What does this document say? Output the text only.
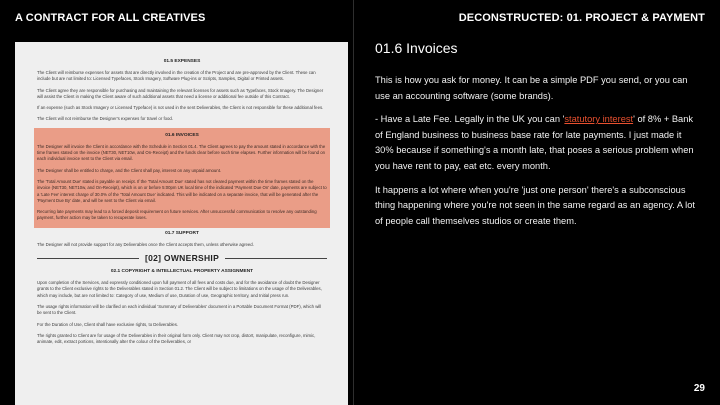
A CONTRACT FOR ALL CREATIVES	DECONSTRUCTED: 01. PROJECT & PAYMENT
01.5 EXPENSES
The Client will reimburse expenses for assets that are directly involved in the creation of the Project and are pre-approved by the Client. These can include but are not limited to: Licensed Typefaces, Stock Imagery, Software Plug-ins or Scripts, Samples, Digital or Printed assets.
The Client agree they are responsible for purchasing and maintaining the relevant licenses for assets such as Typefaces, Stock Imagery. The Designer will assist the Client in making the Client aware of such additional assets that need a license or additional fee outside of this Contract.
If an expense (such as Stock Imagery or Licensed Typeface) is not used in the sent Deliverables, the Client is not responsible for these additional fees.
The Client will not reimburse the Designer's expenses for travel or food.
01.6 INVOICES
The Designer will invoice the Client in accordance with the Schedule in Section 01.4. The Client agrees to pay the amount stated in accordance with the time frames stated on the invoice (NET30, NET10w, and On-Receipt) and the funds clear before such time elapses. Further information will be found on each individual invoice sent to the Client via email.
The Designer shall be entitled to charge, and the Client shall pay, interest on any unpaid amount.
The 'Total Amount Due' stated is payable on receipt. If the 'Total Amount Due' stated has not cleared payment within the time frames stated on the invoice (NET30, NET10w, and On-Receipt), which is on or before 5:00pm UK local time of the indicated 'Payment Due On' date, payments are subject to a 'Late Fee' interest charge of 30.0% of the 'Total Amount Due' indicated. This will be indicated on a separate invoice, that will be generated after the 'Payment Due By' date, and will be sent to the Client via email.
Recurring late payments may lead to a forced deposit requirement on future services. After unsuccessful communication to resolve any outstanding payment, further action may be taken to recuperate loses.
01.7 SUPPORT
The Designer will not provide support for any Deliverables once the Client accepts them, unless otherwise agreed.
[02] OWNERSHIP
02.1 COPYRIGHT & INTELLECTUAL PROPERTY ASSIGNMENT
Upon completion of the Services, and expressly conditioned upon full payment of all fees and costs due, and for the avoidance of doubt the Designer grants to the Client exclusive rights to the Deliverables stated in Section 01.2. The Client will be subject to limitations on the usage of the Deliverables, which may include, but are not limited to: Category of use, Medium of use, Duration of use, Geographic territory, and Initial press run.
The usage rights information will be clarified on each individual 'Summary of Deliverables' document in a Portable Document Format (PDF), which will be sent to the Client.
For the Duration of Use, Client shall have exclusive rights, to Deliverables.
The rights granted to Client are for usage of the Deliverables in their original form only. Client may not crop, distort, manipulate, reconfigure, mimic, animate, edit, extract portions, intentionally alter the colour of the Deliverables, or
01.6 Invoices

This is how you ask for money. It can be a simple PDF you send, or you can use an accounting software (some brands).

- Have a Late Fee. Legally in the UK you can 'statutory interest' of 8% + Bank of England business to business base rate for late payments. I just made it 30% because if something's a month late, that poses a serious problem when you have rent to pay, eat etc. every month.

It happens a lot where when you're 'just one person' there's a subconscious thing happening where you're not seen in the same regard as an agency. A lot of people call themselves studios or create them.

29
